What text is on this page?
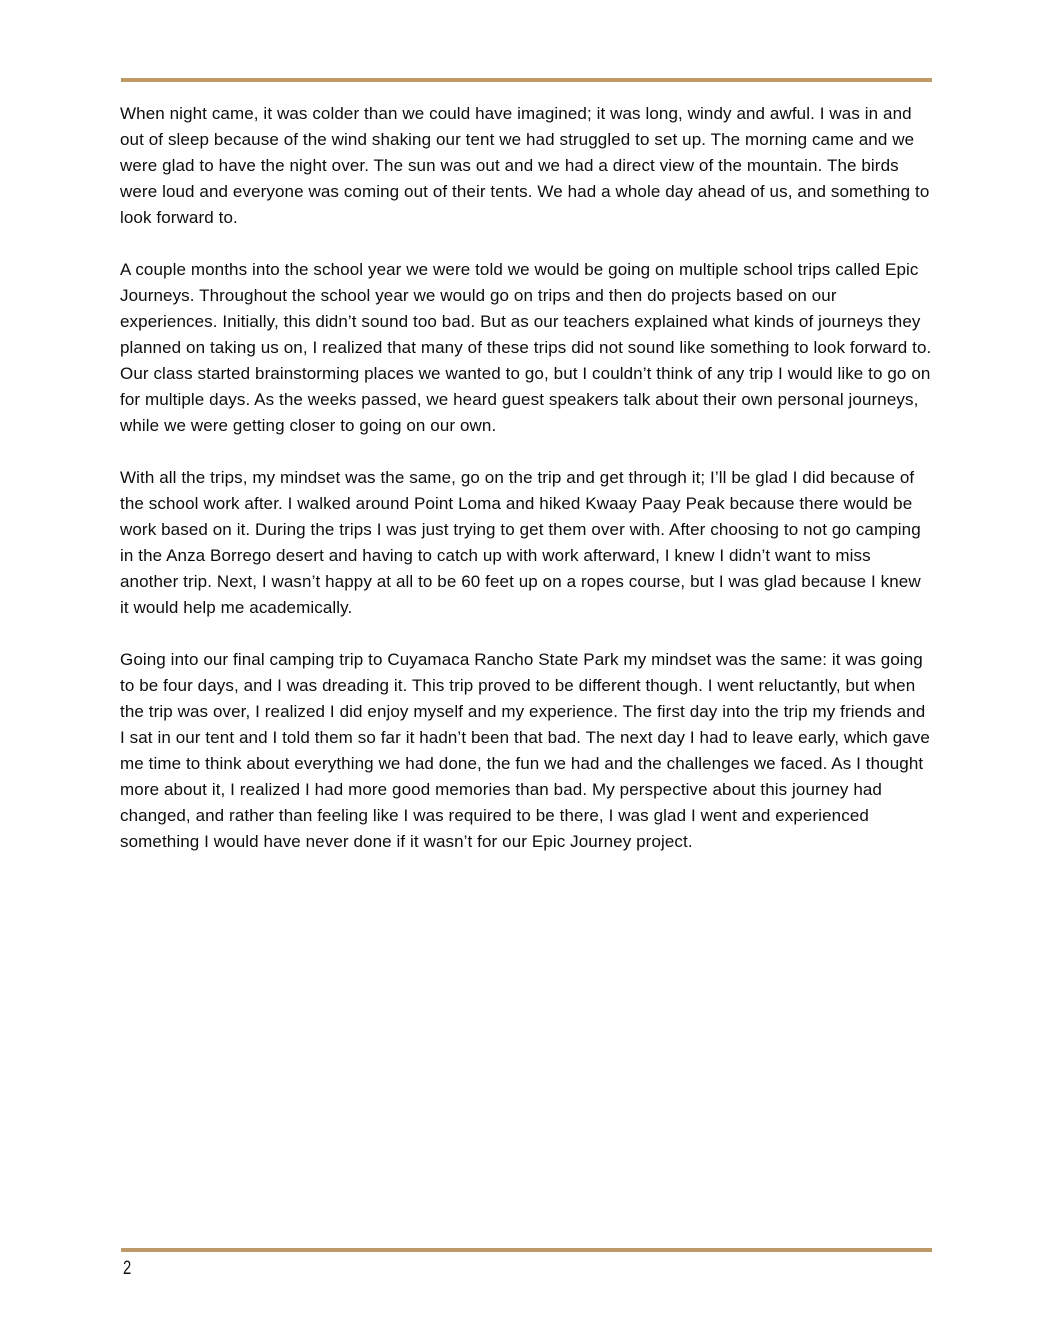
When night came, it was colder than we could have imagined; it was long, windy and awful. I was in and out of sleep because of the wind shaking our tent we had struggled to set up. The morning came and we were glad to have the night over. The sun was out and we had a direct view of the mountain. The birds were loud and everyone was coming out of their tents. We had a whole day ahead of us, and something to look forward to.

A couple months into the school year we were told we would be going on multiple school trips called Epic Journeys. Throughout the school year we would go on trips and then do projects based on our experiences. Initially, this didn’t sound too bad. But as our teachers explained what kinds of journeys they planned on taking us on, I realized that many of these trips did not sound like something to look forward to. Our class started brainstorming places we wanted to go, but I couldn’t think of any trip I would like to go on for multiple days. As the weeks passed, we heard guest speakers talk about their own personal journeys, while we were getting closer to going on our own.

With all the trips, my mindset was the same, go on the trip and get through it; I’ll be glad I did because of the school work after. I walked around Point Loma and hiked Kwaay Paay Peak because there would be work based on it. During the trips I was just trying to get them over with. After choosing to not go camping in the Anza Borrego desert and having to catch up with work afterward, I knew I didn’t want to miss another trip. Next, I wasn’t happy at all to be 60 feet up on a ropes course, but I was glad because I knew it would help me academically.

Going into our final camping trip to Cuyamaca Rancho State Park my mindset was the same: it was going to be four days, and I was dreading it. This trip proved to be different though. I went reluctantly, but when the trip was over, I realized I did enjoy myself and my experience. The first day into the trip my friends and I sat in our tent and I told them so far it hadn’t been that bad. The next day I had to leave early, which gave me time to think about everything we had done, the fun we had and the challenges we faced. As I thought more about it, I realized I had more good memories than bad. My perspective about this journey had changed, and rather than feeling like I was required to be there, I was glad I went and experienced something I would have never done if it wasn’t for our Epic Journey project.

2
